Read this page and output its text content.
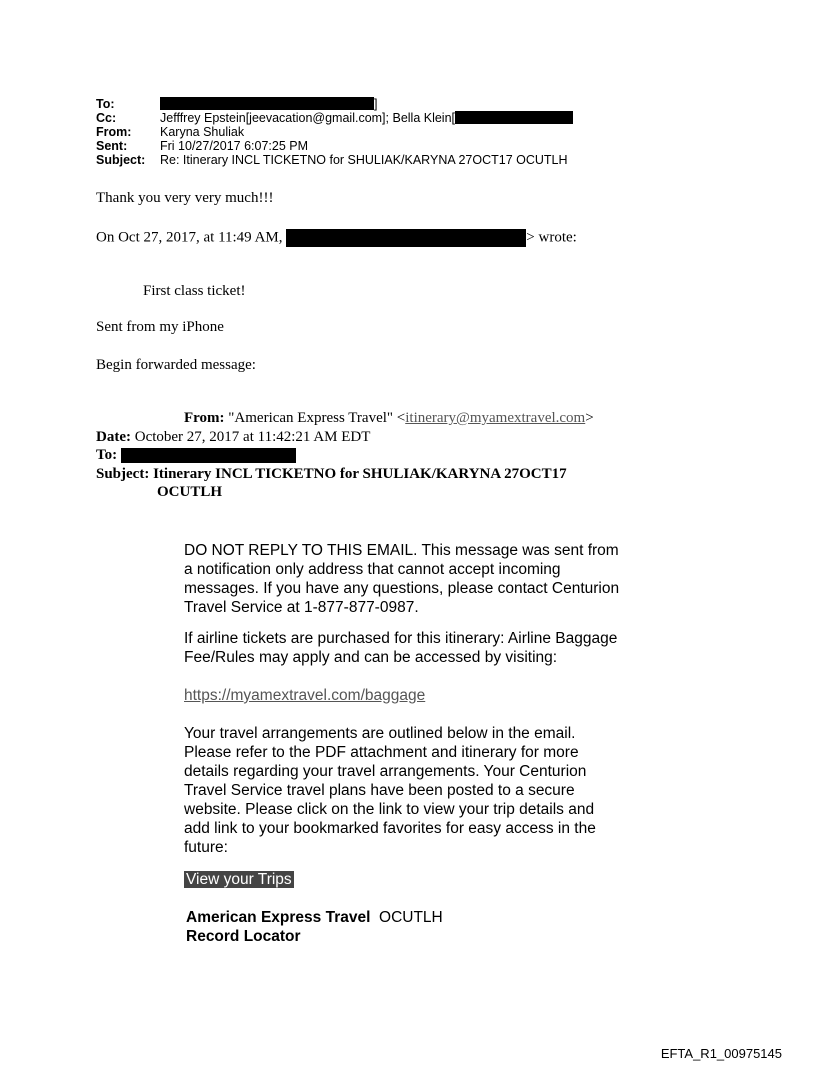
To:	]
Cc:	Jefffrey Epstein[jeevacation@gmail.com]; Bella Klein[
From:	Karyna Shuliak
Sent:	Fri 10/27/2017 6:07:25 PM
Subject:	Re: Itinerary INCL TICKETNO for SHULIAK/KARYNA 27OCT17 OCUTLH
Thank you very very much!!!
On Oct 27, 2017, at 11:49 AM,	> wrote:
First class ticket!
Sent from my iPhone
Begin forwarded message:
From: "American Express Travel" <itinerary@myamextravel.com>
Date: October 27, 2017 at 11:42:21 AM EDT
To:
Subject: Itinerary INCL TICKETNO for SHULIAK/KARYNA 27OCT17
OCUTLH
DO NOT REPLY TO THIS EMAIL. This message was sent from a notification only address that cannot accept incoming messages. If you have any questions, please contact Centurion Travel Service at 1-877-877-0987.
If airline tickets are purchased for this itinerary: Airline Baggage Fee/Rules may apply and can be accessed by visiting:
https://myamextravel.com/baggage
Your travel arrangements are outlined below in the email. Please refer to the PDF attachment and itinerary for more details regarding your travel arrangements. Your Centurion Travel Service travel plans have been posted to a secure website. Please click on the link to view your trip details and add link to your bookmarked favorites for easy access in the future:
View your Trips
American Express Travel OCUTLH
Record Locator
EFTA_R1_00975145
